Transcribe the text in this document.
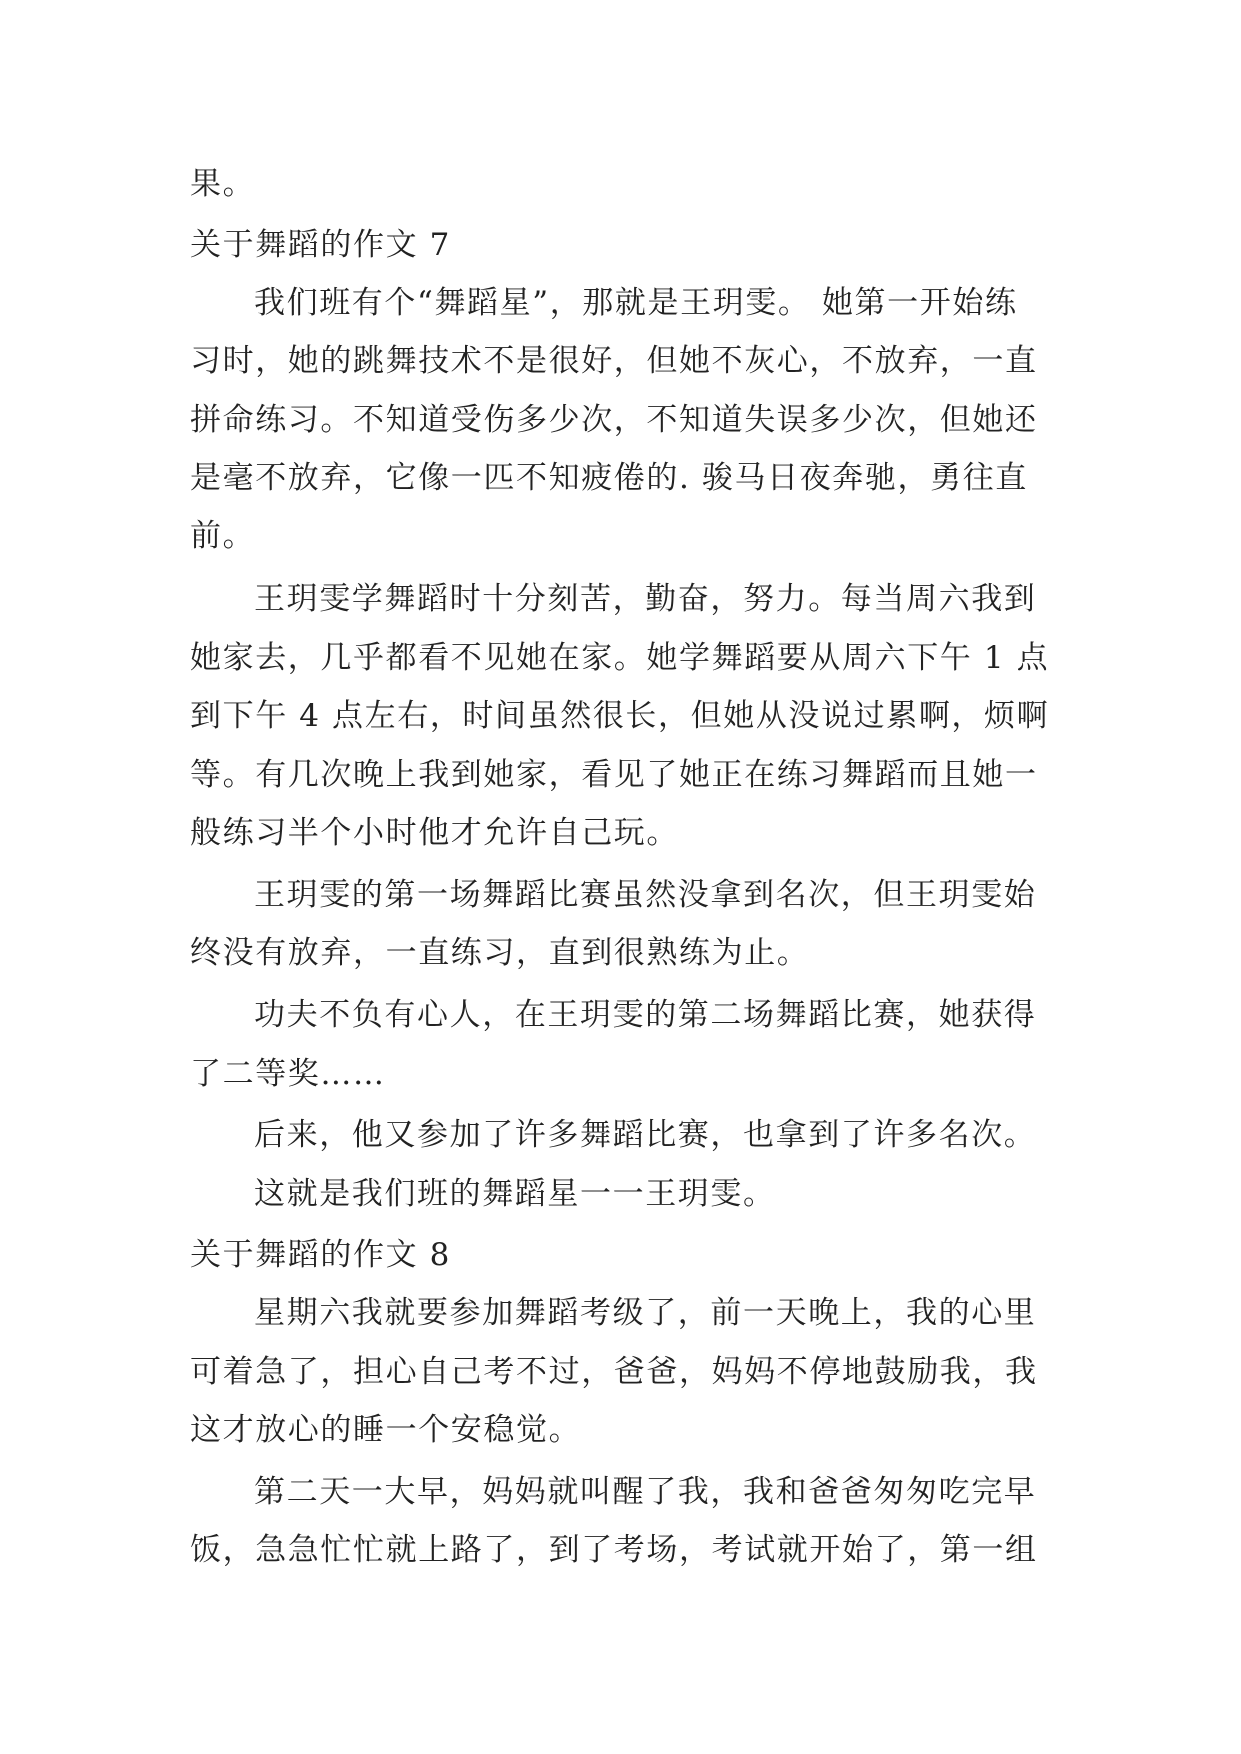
果。
关于舞蹈的作文 7
我们班有个“舞蹈星”，那就是王玥雯。 她第一开始练
习时，她的跳舞技术不是很好，但她不灰心，不放弃，一直
拼命练习。不知道受伤多少次，不知道失误多少次，但她还
是毫不放弃，它像一匹不知疲倦的. 骏马日夜奔驰，勇往直
前。
王玥雯学舞蹈时十分刻苦，勤奋，努力。每当周六我到
她家去，几乎都看不见她在家。她学舞蹈要从周六下午 1 点
到下午 4 点左右，时间虽然很长，但她从没说过累啊，烦啊
等。有几次晚上我到她家，看见了她正在练习舞蹈而且她一
般练习半个小时他才允许自己玩。
王玥雯的第一场舞蹈比赛虽然没拿到名次，但王玥雯始
终没有放弃，一直练习，直到很熟练为止。
功夫不负有心人，在王玥雯的第二场舞蹈比赛，她获得
了二等奖……
后来，他又参加了许多舞蹈比赛，也拿到了许多名次。
这就是我们班的舞蹈星一一王玥雯。
关于舞蹈的作文 8
星期六我就要参加舞蹈考级了，前一天晚上，我的心里
可着急了，担心自己考不过，爸爸，妈妈不停地鼓励我，我
这才放心的睡一个安稳觉。
第二天一大早，妈妈就叫醒了我，我和爸爸匆匆吃完早
饭，急急忙忙就上路了，到了考场，考试就开始了，第一组
